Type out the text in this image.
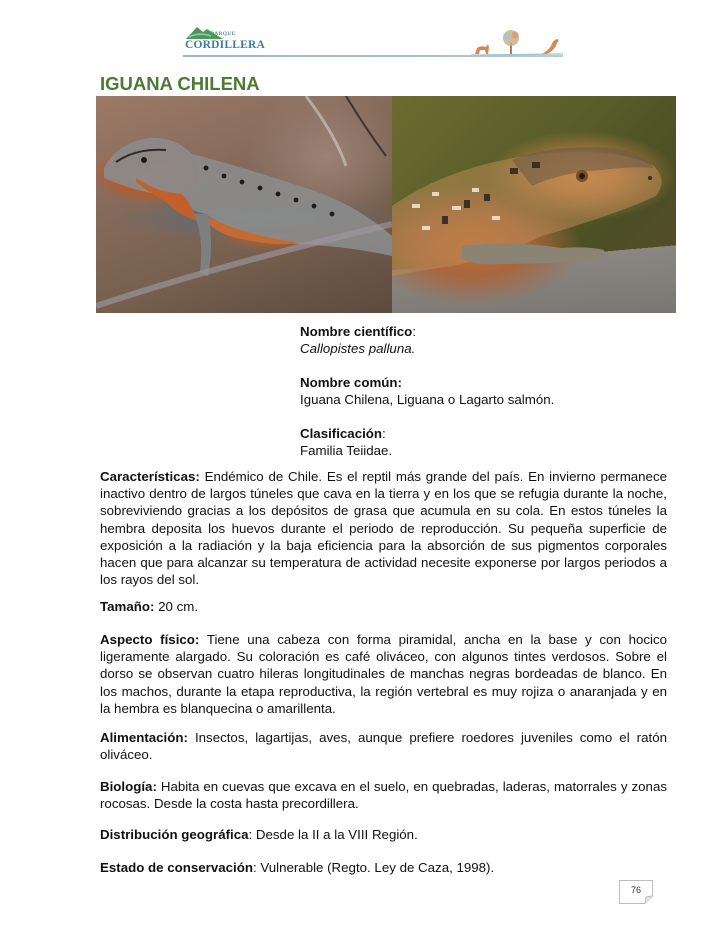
PARQUE
CORDILLERA
IGUANA CHILENA
Nombre científico:
Callopistes palluna.
Nombre común:
Iguana Chilena, Liguana o Lagarto salmón.
Clasificación:
Familia Teiidae.
Características: Endémico de Chile. Es el reptil más grande del país. En invierno permanece inactivo dentro de largos túneles que cava en la tierra y en los que se refugia durante la noche, sobreviviendo gracias a los depósitos de grasa que acumula en su cola. En estos túneles la hembra deposita los huevos durante el periodo de reproducción. Su pequeña superficie de exposición a la radiación y la baja eficiencia para la absorción de sus pigmentos corporales hacen que para alcanzar su temperatura de actividad necesite exponerse por largos periodos a los rayos del sol.
Tamaño: 20 cm.
Aspecto físico: Tiene una cabeza con forma piramidal, ancha en la base y con hocico ligeramente alargado. Su coloración es café oliváceo, con algunos tintes verdosos. Sobre el dorso se observan cuatro hileras longitudinales de manchas negras bordeadas de blanco. En los machos, durante la etapa reproductiva, la región vertebral es muy rojiza o anaranjada y en la hembra es blanquecina o amarillenta.
Alimentación: Insectos, lagartijas, aves, aunque prefiere roedores juveniles como el ratón oliváceo.
Biología: Habita en cuevas que excava en el suelo, en quebradas, laderas, matorrales y zonas rocosas. Desde la costa hasta precordillera.
Distribución geográfica: Desde la II a la VIII Región.
Estado de conservación: Vulnerable (Regto. Ley de Caza, 1998).
76
